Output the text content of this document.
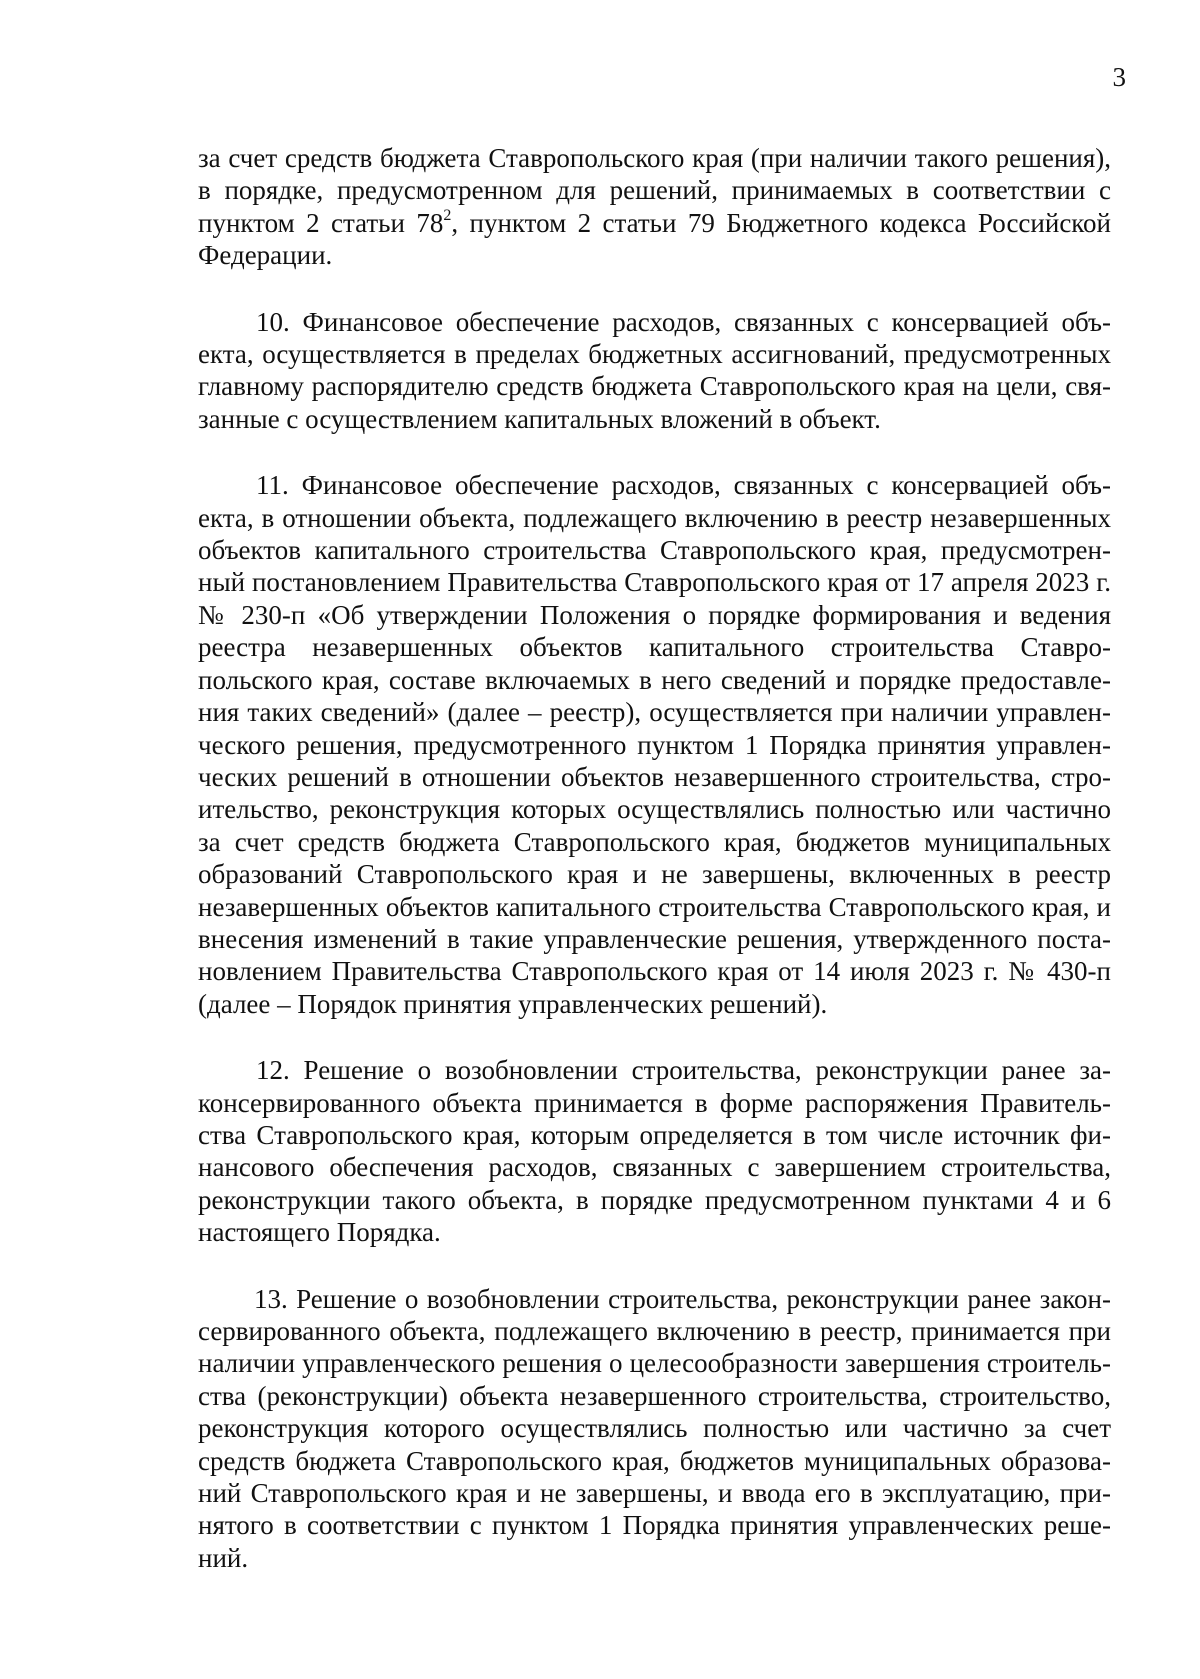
3

за счет средств бюджета Ставропольского края (при наличии такого решения), в порядке, предусмотренном для решений, принимаемых в соответствии с пунктом 2 статьи $78^2$, пунктом 2 статьи 79 Бюджетного кодекса Российской Федерации.

10. Финансовое обеспечение расходов, связанных с консервацией объекта, осуществляется в пределах бюджетных ассигнований, предусмотренных главному распорядителю средств бюджета Ставропольского края на цели, связанные с осуществлением капитальных вложений в объект.

11. Финансовое обеспечение расходов, связанных с консервацией объекта, в отношении объекта, подлежащего включению в реестр незавершенных объектов капитального строительства Ставропольского края, предусмотренный постановлением Правительства Ставропольского края от 17 апреля 2023 г. № 230-п «Об утверждении Положения о порядке формирования и ведения реестра незавершенных объектов капитального строительства Ставропольского края, составе включаемых в него сведений и порядке предоставления таких сведений» (далее – реестр), осуществляется при наличии управленческого решения, предусмотренного пунктом 1 Порядка принятия управленческих решений в отношении объектов незавершенного строительства, строительство, реконструкция которых осуществлялись полностью или частично за счет средств бюджета Ставропольского края, бюджетов муниципальных образований Ставропольского края и не завершены, включенных в реестр незавершенных объектов капитального строительства Ставропольского края, и внесения изменений в такие управленческие решения, утвержденного постановлением Правительства Ставропольского края от 14 июля 2023 г. № 430-п (далее – Порядок принятия управленческих решений).

12. Решение о возобновлении строительства, реконструкции ранее законсервированного объекта принимается в форме распоряжения Правительства Ставропольского края, которым определяется в том числе источник финансового обеспечения расходов, связанных с завершением строительства, реконструкции такого объекта, в порядке предусмотренном пунктами 4 и 6 настоящего Порядка.

13. Решение о возобновлении строительства, реконструкции ранее законсервированного объекта, подлежащего включению в реестр, принимается при наличии управленческого решения о целесообразности завершения строительства (реконструкции) объекта незавершенного строительства, строительство, реконструкция которого осуществлялись полностью или частично за счет средств бюджета Ставропольского края, бюджетов муниципальных образований Ставропольского края и не завершены, и ввода его в эксплуатацию, принятого в соответствии с пунктом 1 Порядка принятия управленческих решений.
